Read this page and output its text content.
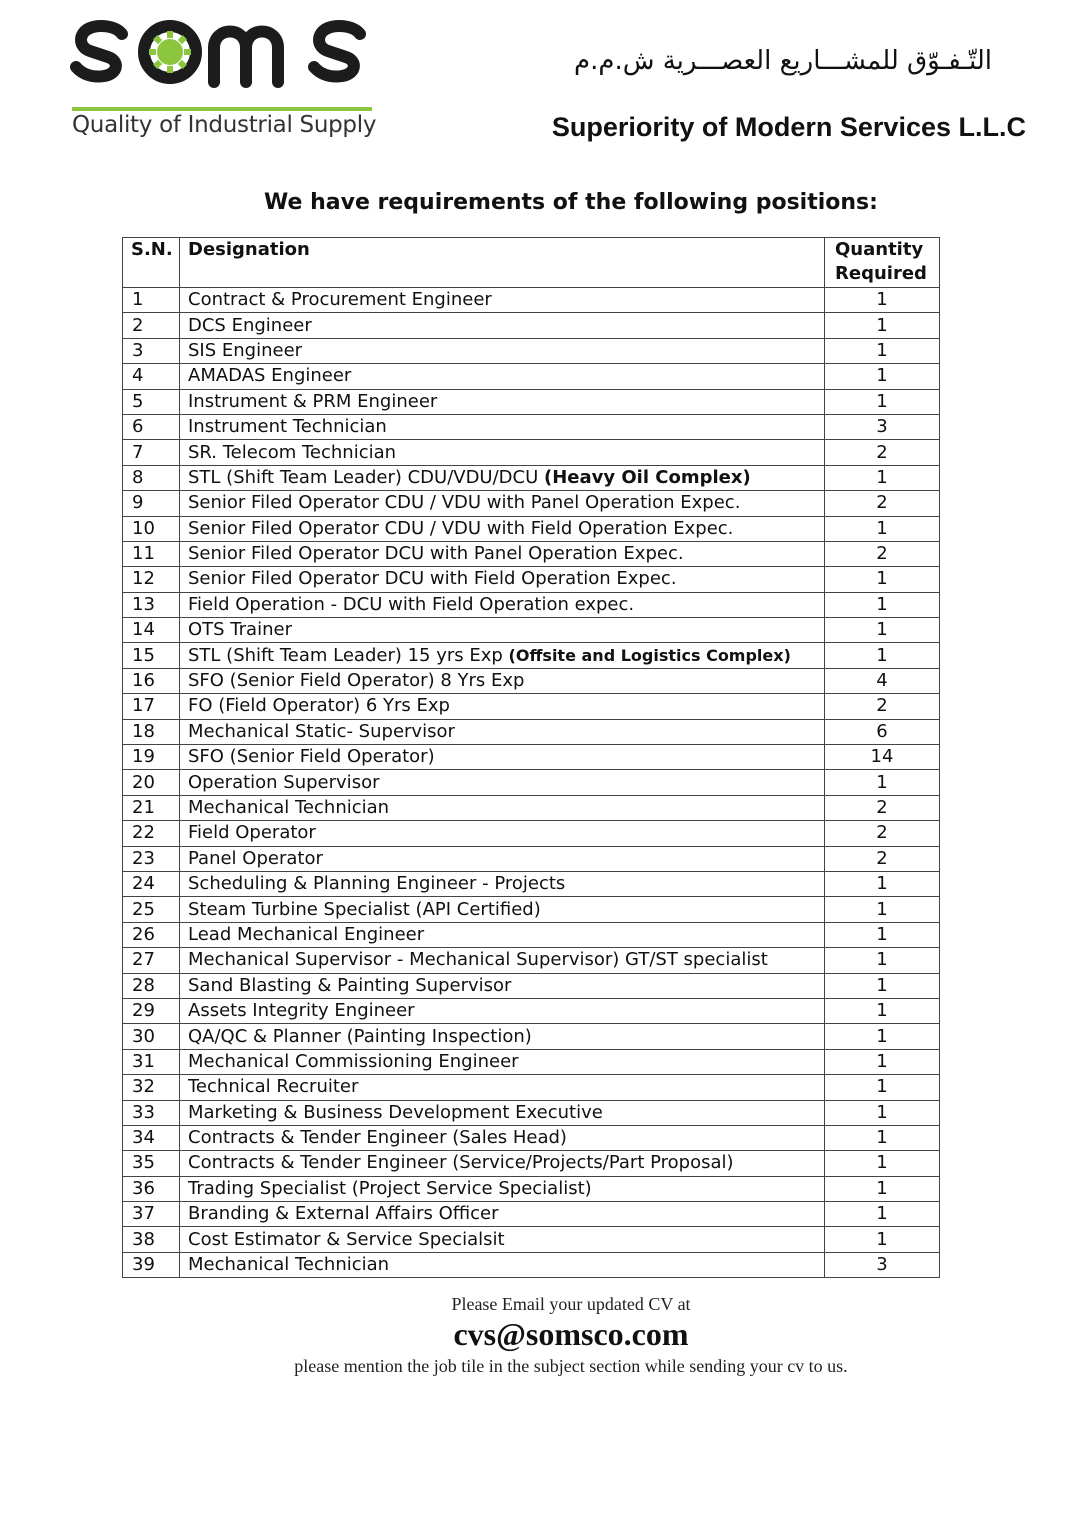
Quality of Industrial Supply
التّـفـوّق للمشـــاريع العصـــرية ش.م.م
Superiority of Modern Services L.L.C
We have requirements of the following positions:
S.N.	Designation	Quantity Required
1	Contract & Procurement Engineer	1
2	DCS Engineer	1
3	SIS Engineer	1
4	AMADAS Engineer	1
5	Instrument & PRM Engineer	1
6	Instrument Technician	3
7	SR. Telecom Technician	2
8	STL (Shift Team Leader) CDU/VDU/DCU (Heavy Oil Complex)	1
9	Senior Filed Operator CDU / VDU with Panel Operation Expec.	2
10	Senior Filed Operator CDU / VDU with Field Operation Expec.	1
11	Senior Filed Operator DCU with Panel Operation Expec.	2
12	Senior Filed Operator DCU with Field Operation Expec.	1
13	Field Operation - DCU with Field Operation expec.	1
14	OTS Trainer	1
15	STL (Shift Team Leader) 15 yrs Exp (Offsite and Logistics Complex)	1
16	SFO (Senior Field Operator) 8 Yrs Exp	4
17	FO (Field Operator) 6 Yrs Exp	2
18	Mechanical Static- Supervisor	6
19	SFO (Senior Field Operator)	14
20	Operation Supervisor	1
21	Mechanical Technician	2
22	Field Operator	2
23	Panel Operator	2
24	Scheduling & Planning Engineer - Projects	1
25	Steam Turbine Specialist (API Certified)	1
26	Lead Mechanical Engineer	1
27	Mechanical Supervisor - Mechanical Supervisor) GT/ST specialist	1
28	Sand Blasting & Painting Supervisor	1
29	Assets Integrity Engineer	1
30	QA/QC & Planner (Painting Inspection)	1
31	Mechanical Commissioning Engineer	1
32	Technical Recruiter	1
33	Marketing & Business Development Executive	1
34	Contracts & Tender Engineer (Sales Head)	1
35	Contracts & Tender Engineer (Service/Projects/Part Proposal)	1
36	Trading Specialist (Project Service Specialist)	1
37	Branding & External Affairs Officer	1
38	Cost Estimator & Service Specialsit	1
39	Mechanical Technician	3
Please Email your updated CV at
cvs@somsco.com
please mention the job tile in the subject section while sending your cv to us.
